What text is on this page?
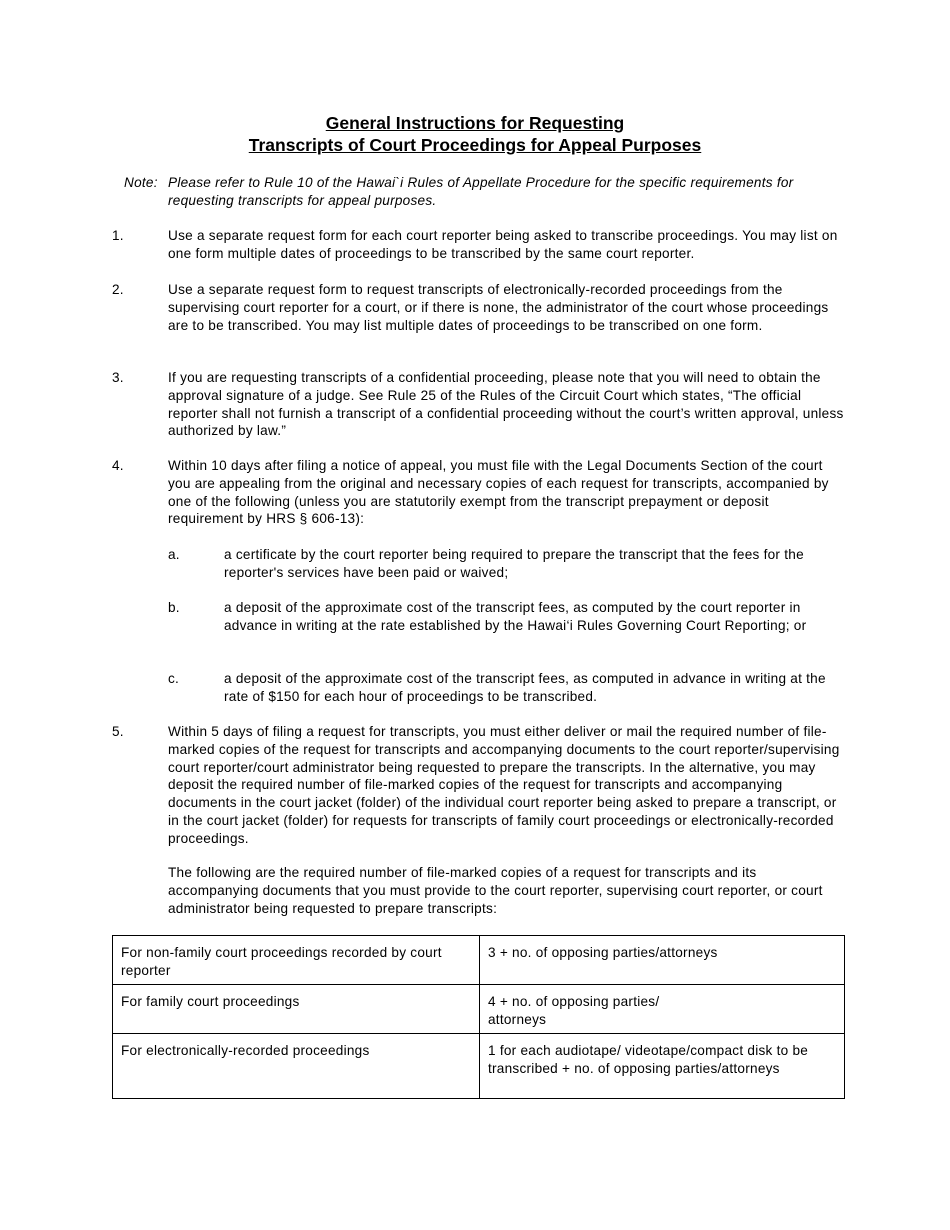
General Instructions for Requesting
Transcripts of Court Proceedings for Appeal Purposes
Note: Please refer to Rule 10 of the Hawai`i Rules of Appellate Procedure for the specific requirements for requesting transcripts for appeal purposes.
1.	Use a separate request form for each court reporter being asked to transcribe proceedings. You may list on one form multiple dates of proceedings to be transcribed by the same court reporter.
2.	Use a separate request form to request transcripts of electronically-recorded proceedings from the supervising court reporter for a court, or if there is none, the administrator of the court whose proceedings are to be transcribed. You may list multiple dates of proceedings to be transcribed on one form.
3.	If you are requesting transcripts of a confidential proceeding, please note that you will need to obtain the approval signature of a judge. See Rule 25 of the Rules of the Circuit Court which states, “The official reporter shall not furnish a transcript of a confidential proceeding without the court’s written approval, unless authorized by law.”
4.	Within 10 days after filing a notice of appeal, you must file with the Legal Documents Section of the court you are appealing from the original and necessary copies of each request for transcripts, accompanied by one of the following (unless you are statutorily exempt from the transcript prepayment or deposit requirement by HRS § 606-13):
a.	a certificate by the court reporter being required to prepare the transcript that the fees for the reporter's services have been paid or waived;
b.	a deposit of the approximate cost of the transcript fees, as computed by the court reporter in advance in writing at the rate established by the Hawai‘i Rules Governing Court Reporting; or
c.	a deposit of the approximate cost of the transcript fees, as computed in advance in writing at the rate of $150 for each hour of proceedings to be transcribed.
5.	Within 5 days of filing a request for transcripts, you must either deliver or mail the required number of file-marked copies of the request for transcripts and accompanying documents to the court reporter/supervising court reporter/court administrator being requested to prepare the transcripts. In the alternative, you may deposit the required number of file-marked copies of the request for transcripts and accompanying documents in the court jacket (folder) of the individual court reporter being asked to prepare a transcript, or in the court jacket (folder) for requests for transcripts of family court proceedings or electronically-recorded proceedings.
The following are the required number of file-marked copies of a request for transcripts and its accompanying documents that you must provide to the court reporter, supervising court reporter, or court administrator being requested to prepare transcripts:
For non-family court proceedings recorded by court reporter	3 + no. of opposing parties/attorneys
For family court proceedings	4 + no. of opposing parties/ attorneys
For electronically-recorded proceedings	1 for each audiotape/ videotape/compact disk to be transcribed + no. of opposing parties/attorneys
